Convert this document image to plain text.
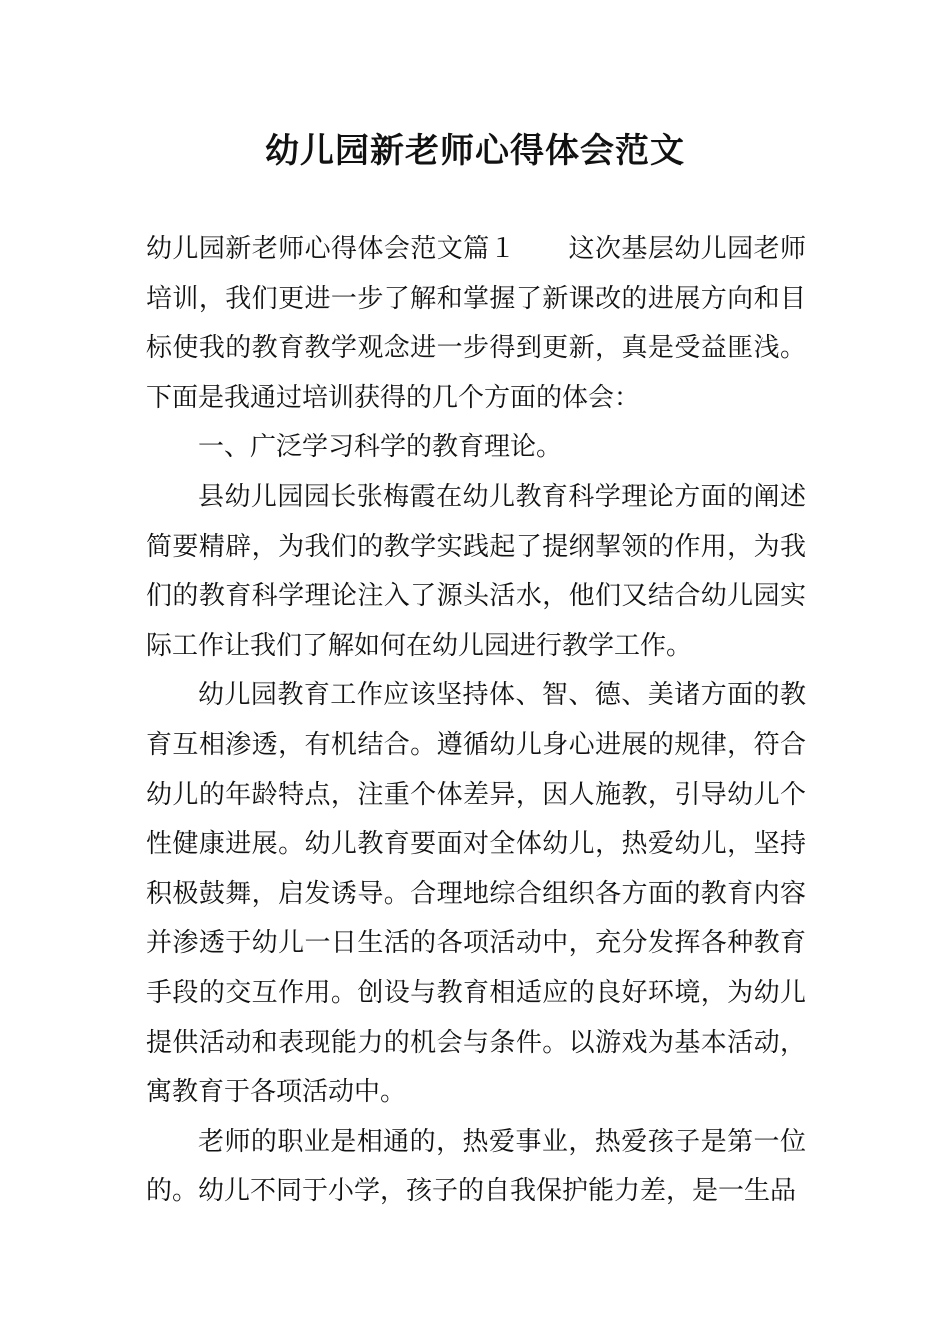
幼儿园新老师心得体会范文

幼儿园新老师心得体会范文篇１ 这次基层幼儿园老师培训，我们更进一步了解和掌握了新课改的进展方向和目标使我的教育教学观念进一步得到更新，真是受益匪浅。下面是我通过培训获得的几个方面的体会：

一、广泛学习科学的教育理论。

县幼儿园园长张梅霞在幼儿教育科学理论方面的阐述简要精辟，为我们的教学实践起了提纲挈领的作用，为我们的教育科学理论注入了源头活水，他们又结合幼儿园实际工作让我们了解如何在幼儿园进行教学工作。

幼儿园教育工作应该坚持体、智、德、美诸方面的教育互相渗透，有机结合。遵循幼儿身心进展的规律，符合幼儿的年龄特点，注重个体差异，因人施教，引导幼儿个性健康进展。幼儿教育要面对全体幼儿，热爱幼儿，坚持积极鼓舞，启发诱导。合理地综合组织各方面的教育内容并渗透于幼儿一日生活的各项活动中，充分发挥各种教育手段的交互作用。创设与教育相适应的良好环境，为幼儿提供活动和表现能力的机会与条件。以游戏为基本活动，寓教育于各项活动中。

老师的职业是相通的，热爱事业，热爱孩子是第一位的。幼儿不同于小学，孩子的自我保护能力差，是一生品
